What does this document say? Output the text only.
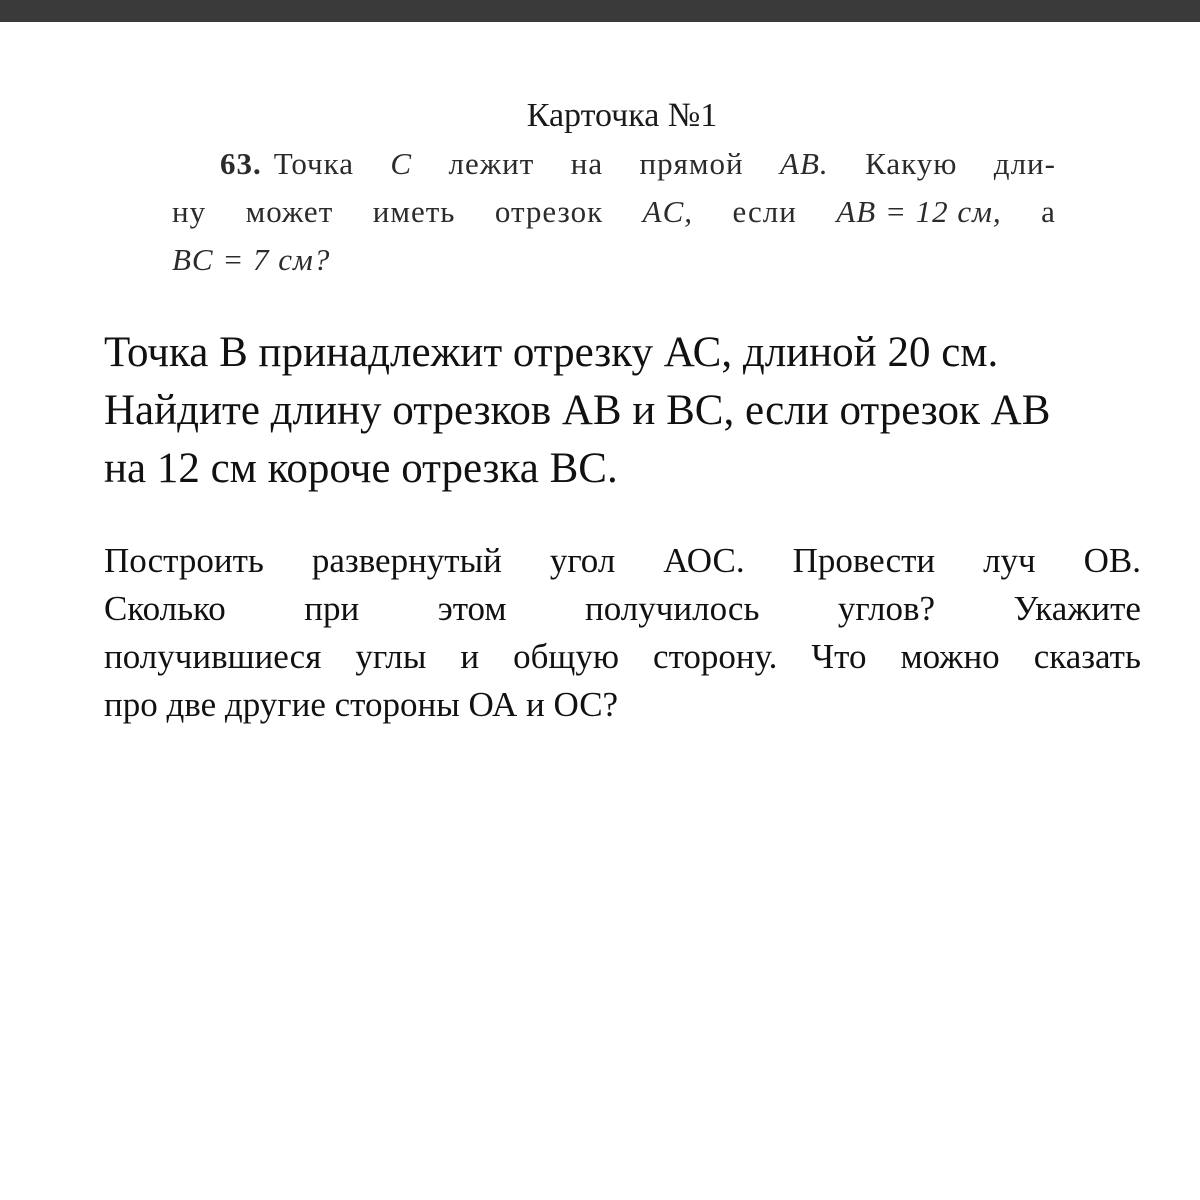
Карточка №1
63. Точка C лежит на прямой AB. Какую дли-
ну может иметь отрезок AC, если AB = 12 см, а
BC = 7 см?
Точка В принадлежит отрезку АС, длиной 20 см.
Найдите длину отрезков АВ и ВС, если отрезок АВ
на 12 см короче отрезка ВС.
Построить развернутый угол АОС. Провести луч ОВ.
Сколько при этом получилось углов? Укажите
получившиеся углы и общую сторону. Что можно сказать
про две другие стороны ОА и ОС?
